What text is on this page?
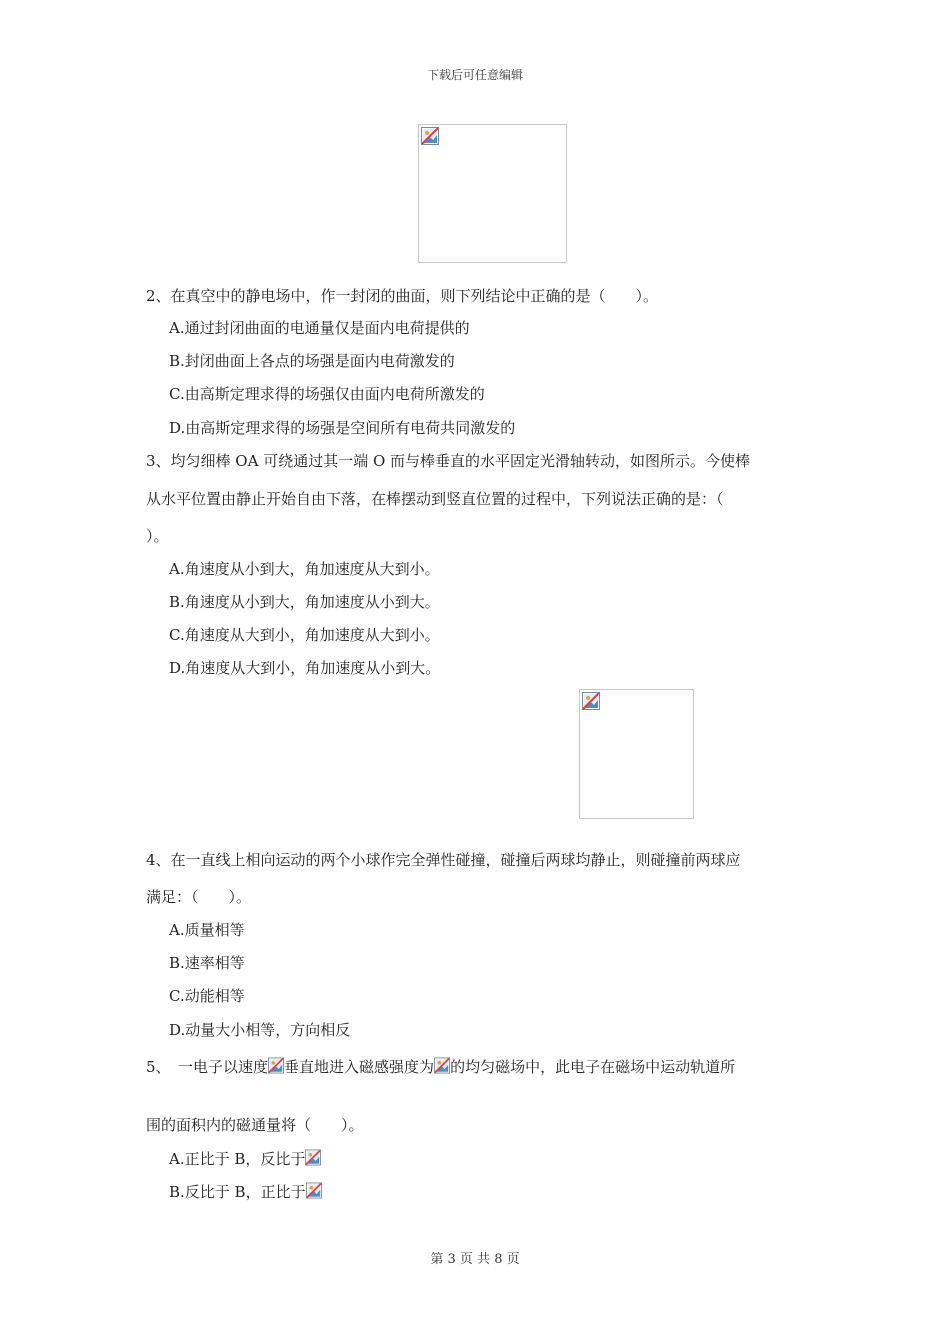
下载后可任意编辑
2、在真空中的静电场中，作一封闭的曲面，则下列结论中正确的是（　　）。
A.通过封闭曲面的电通量仅是面内电荷提供的
B.封闭曲面上各点的场强是面内电荷激发的
C.由高斯定理求得的场强仅由面内电荷所激发的
D.由高斯定理求得的场强是空间所有电荷共同激发的
3、均匀细棒 OA 可绕通过其一端 O 而与棒垂直的水平固定光滑轴转动，如图所示。今使棒
从水平位置由静止开始自由下落，在棒摆动到竖直位置的过程中，下列说法正确的是：（
）。
A.角速度从小到大，角加速度从大到小。
B.角速度从小到大，角加速度从小到大。
C.角速度从大到小，角加速度从大到小。
D.角速度从大到小，角加速度从小到大。
4、在一直线上相向运动的两个小球作完全弹性碰撞，碰撞后两球均静止，则碰撞前两球应
满足：（　　）。
A.质量相等
B.速率相等
C.动能相等
D.动量大小相等，方向相反
5、　一电子以速度 垂直地进入磁感强度为 的均匀磁场中，此电子在磁场中运动轨道所
围的面积内的磁通量将（　　）。
A.正比于 B，反比于
B.反比于 B，正比于
第 3 页 共 8 页
